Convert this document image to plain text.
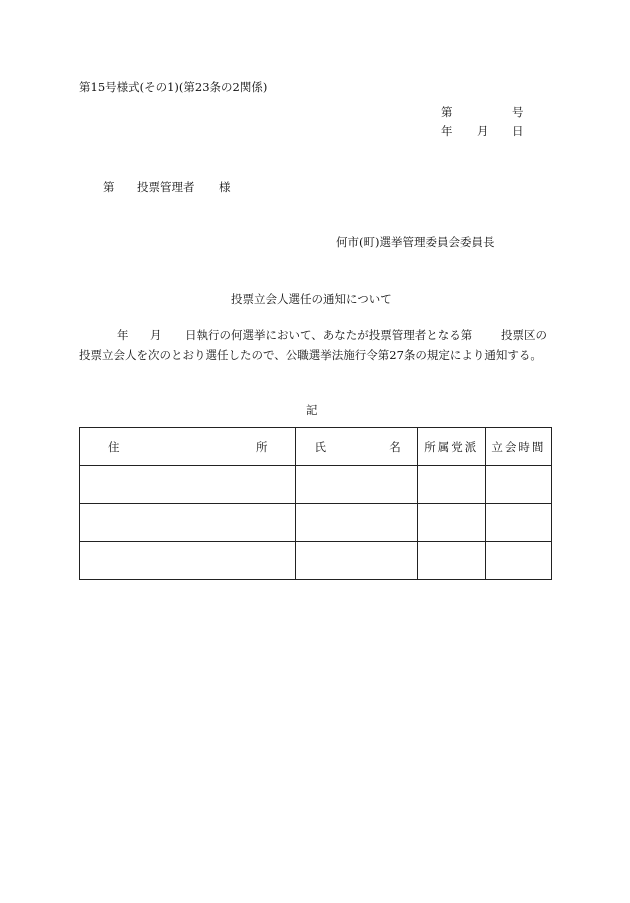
第15号様式(その1)(第23条の2関係)
第	号
年 月 日
第 投票管理者 様
何市(町)選挙管理委員会委員長
投票立会人選任の通知について
年 月 日執行の何選挙において、あなたが投票管理者となる第 投票区の
投票立会人を次のとおり選任したので、公職選挙法施行令第27条の規定により通知する。
記
住 所	氏 名	所属党派	立会時間
